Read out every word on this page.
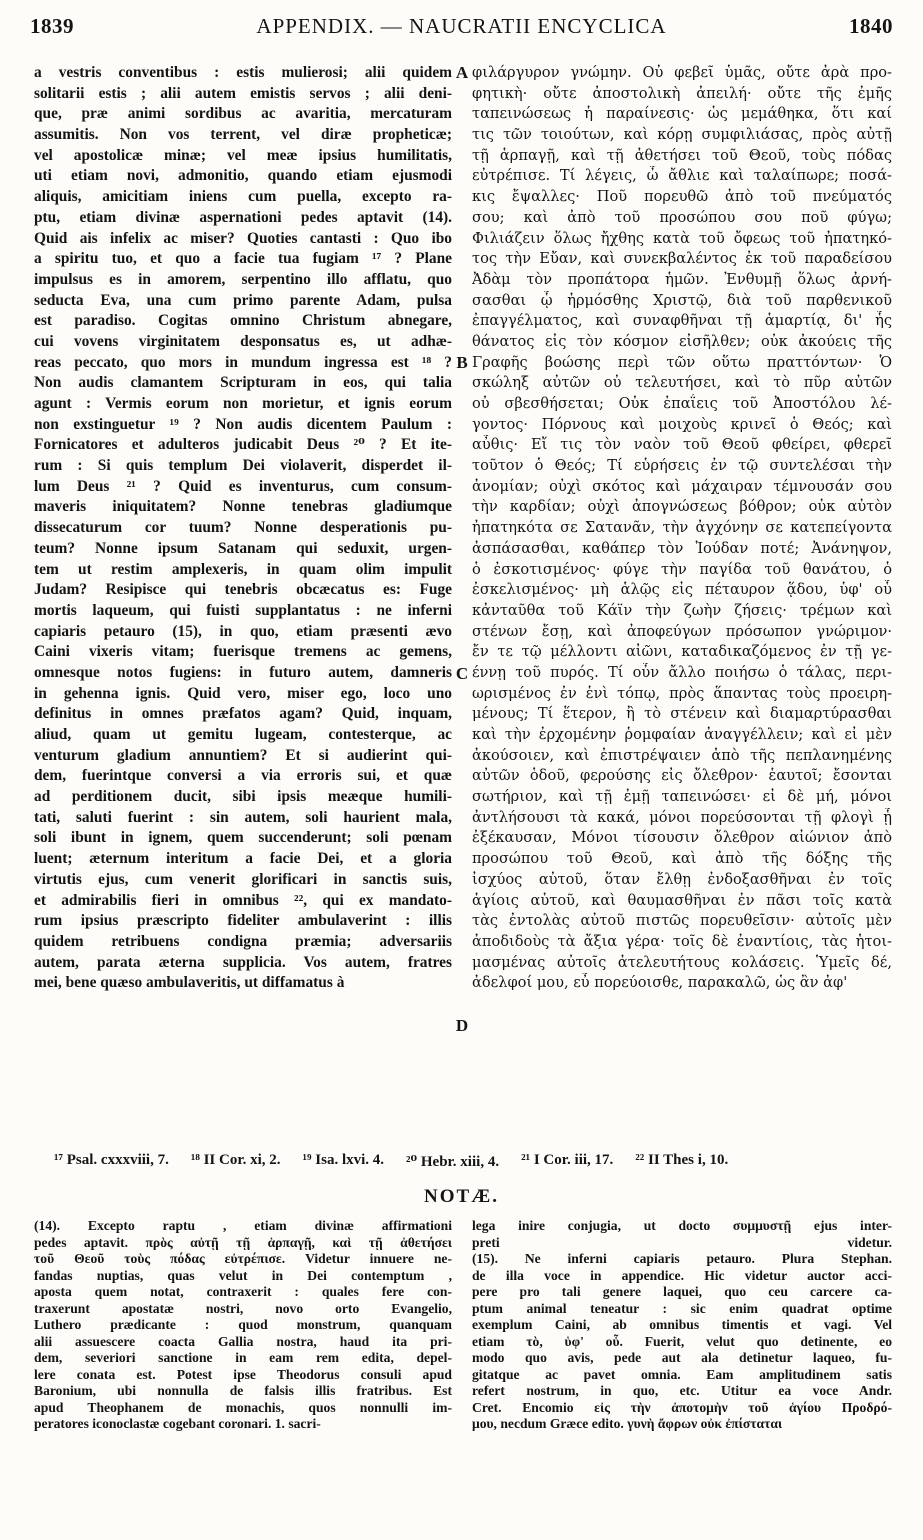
1839	APPENDIX. — NAUCRATII ENCYCLICA	1840
a vestris conventibus : estis mulierosi; alii quidem
solitarii estis ; alii autem emistis servos ; alii deni-
que, præ animi sordibus ac avaritia, mercaturam
assumitis. Non vos terrent, vel diræ propheticæ;
vel apostolicæ minæ; vel meæ ipsius humilitatis,
uti etiam novi, admonitio, quando etiam ejusmodi
aliquis, amicitiam iniens cum puella, excepto ra-
ptu, etiam divinæ aspernationi pedes aptavit (14).
Quid ais infelix ac miser? Quoties cantasti : Quo ibo
a spiritu tuo, et quo a facie tua fugiam ¹⁷ ? Plane
impulsus es in amorem, serpentino illo afflatu, quo
seducta Eva, una cum primo parente Adam, pulsa
est paradiso. Cogitas omnino Christum abnegare,
cui vovens virginitatem desponsatus es, ut adhæ-
reas peccato, quo mors in mundum ingressa est ¹⁸ ?
Non audis clamantem Scripturam in eos, qui talia
agunt : Vermis eorum non morietur, et ignis eorum
non exstinguetur ¹⁹ ? Non audis dicentem Paulum :
Fornicatores et adulteros judicabit Deus ²⁰ ? Et ite-
rum : Si quis templum Dei violaverit, disperdet il-
lum Deus ²¹ ? Quid es inventurus, cum consum-
maveris iniquitatem? Nonne tenebras gladiumque
dissecaturum cor tuum? Nonne desperationis pu-
teum? Nonne ipsum Satanam qui seduxit, urgen-
tem ut restim amplexeris, in quam olim impulit
Judam? Resipisce qui tenebris obcæcatus es: Fuge
mortis laqueum, qui fuisti supplantatus : ne inferni
capiaris petauro (15), in quo, etiam præsenti ævo
Caini vixeris vitam; fuerisque tremens ac gemens,
omnesque notos fugiens: in futuro autem, damneris
in gehenna ignis. Quid vero, miser ego, loco uno
definitus in omnes præfatos agam? Quid, inquam,
aliud, quam ut gemitu lugeam, contesterque, ac
venturum gladium annuntiem? Et si audierint qui-
dem, fuerintque conversi a via erroris sui, et quæ
ad perditionem ducit, sibi ipsis meæque humili-
tati, saluti fuerint : sin autem, soli haurient mala,
soli ibunt in ignem, quem succenderunt; soli pœnam
luent; æternum interitum a facie Dei, et a gloria
virtutis ejus, cum venerit glorificari in sanctis suis,
et admirabilis fieri in omnibus ²², qui ex mandato-
rum ipsius præscripto fideliter ambulaverint : illis
quidem retribuens condigna præmia; adversariis
autem, parata æterna supplicia. Vos autem, fratres
mei, bene quæso ambulaveritis, ut diffamatus à
φιλάργυρον γνώμην. Οὐ φεβεῖ ὑμᾶς, οὔτε ἀρὰ προ-
φητικὴ· οὔτε ἀποστολικὴ ἀπειλή· οὔτε τῆς ἐμῆς
ταπεινώσεως ἡ παραίνεσις· ὡς μεμάθηκα, ὅτι καί
τις τῶν τοιούτων, καὶ κόρῃ συμφιλιάσας, πρὸς αὐτῇ
τῇ ἁρπαγῇ, καὶ τῇ ἀθετήσει τοῦ Θεοῦ, τοὺς πόδας
εὐτρέπισε. Τί λέγεις, ὦ ἄθλιε καὶ ταλαίπωρε; ποσά-
κις ἔψαλλες· Ποῦ πορευθῶ ἀπὸ τοῦ πνεύματός
σου; καὶ ἀπὸ τοῦ προσώπου σου ποῦ φύγω;
Φιλιάζειν ὅλως ἤχθης κατὰ τοῦ ὄφεως τοῦ ἠπατηκό-
τος τὴν Εὔαν, καὶ συνεκβαλέντος ἐκ τοῦ παραδείσου
Ἀδὰμ τὸν προπάτορα ἡμῶν. Ἐνθυμῇ ὅλως ἀρνή-
σασθαι ᾧ ἡρμόσθης Χριστῷ, διὰ τοῦ παρθενικοῦ
ἐπαγγέλματος, καὶ συναφθῆναι τῇ ἁμαρτίᾳ, δι' ἧς
θάνατος εἰς τὸν κόσμον εἰσῆλθεν; οὐκ ἀκούεις τῆς
Γραφῆς βοώσης περὶ τῶν οὕτω πραττόντων· Ὁ
σκώληξ αὐτῶν οὐ τελευτήσει, καὶ τὸ πῦρ αὐτῶν
οὐ σβεσθήσεται; Οὐκ ἐπαΐεις τοῦ Ἀποστόλου λέ-
γοντος· Πόρνους καὶ μοιχοὺς κρινεῖ ὁ Θεός; καὶ
αὖθις· Εἴ τις τὸν ναὸν τοῦ Θεοῦ φθείρει, φθερεῖ
τοῦτον ὁ Θεός; Τί εὑρήσεις ἐν τῷ συντελέσαι τὴν
ἀνομίαν; οὐχὶ σκότος καὶ μάχαιραν τέμνουσάν σου
τὴν καρδίαν; οὐχὶ ἀπογνώσεως βόθρον; οὐκ αὐτὸν
ἠπατηκότα σε Σατανᾶν, τὴν ἀγχόνην σε κατεπείγοντα
ἀσπάσασθαι, καθάπερ τὸν Ἰούδαν ποτέ; Ἀνάνηψον,
ὁ ἐσκοτισμένος· φύγε τὴν παγίδα τοῦ θανάτου, ὁ
ἐσκελισμένος· μὴ ἁλῷς εἰς πέταυρον ᾅδου, ὑφ' οὗ
κἀνταῦθα τοῦ Κάϊν τὴν ζωὴν ζήσεις· τρέμων καὶ
στένων ἔσῃ, καὶ ἀποφεύγων πρόσωπον γνώριμον·
ἔν τε τῷ μέλλοντι αἰῶνι, καταδικαζόμενος ἐν τῇ γε-
έννῃ τοῦ πυρός. Τί οὖν ἄλλο ποιήσω ὁ τάλας, περι-
ωρισμένος ἐν ἑνὶ τόπῳ, πρὸς ἅπαντας τοὺς προειρη-
μένους; Τί ἕτερον, ἢ τὸ στένειν καὶ διαμαρτύρασθαι
καὶ τὴν ἐρχομένην ῥομφαίαν ἀναγγέλλειν; καὶ εἰ μὲν
ἀκούσοιεν, καὶ ἐπιστρέψαιεν ἀπὸ τῆς πεπλανημένης
αὐτῶν ὁδοῦ, φερούσης εἰς ὄλεθρον· ἑαυτοῖ; ἔσονται
σωτήριον, καὶ τῇ ἐμῇ ταπεινώσει· εἰ δὲ μή, μόνοι
ἀντλήσουσι τὰ κακά, μόνοι πορεύσονται τῇ φλογὶ ᾗ
ἐξέκαυσαν, Μόνοι τίσουσιν ὄλεθρον αἰώνιον ἀπὸ
προσώπου τοῦ Θεοῦ, καὶ ἀπὸ τῆς δόξης τῆς
ἰσχύος αὐτοῦ, ὅταν ἔλθῃ ἐνδοξασθῆναι ἐν τοῖς
ἁγίοις αὐτοῦ, καὶ θαυμασθῆναι ἐν πᾶσι τοῖς κατὰ
τὰς ἐντολὰς αὐτοῦ πιστῶς πορευθεῖσιν· αὐτοῖς μὲν
ἀποδιδοὺς τὰ ἄξια γέρα· τοῖς δὲ ἐναντίοις, τὰς ἡτοι-
μασμένας αὐτοῖς ἀτελευτήτους κολάσεις. Ὑμεῖς δέ,
ἀδελφοί μου, εὖ πορεύοισθε, παρακαλῶ, ὡς ἂν ἀφ'
A
B
C
D
¹⁷ Psal. cxxxviii, 7. ¹⁸ II Cor. xi, 2. ¹⁹ Isa. lxvi. 4. ²⁰ Hebr. xiii, 4. ²¹ I Cor. iii, 17. ²² II Thes i, 10.
NOTÆ.
(14). Excepto raptu , etiam divinæ affirmationi
pedes aptavit. πρὸς αὐτῇ τῇ ἁρπαγῇ, καὶ τῇ ἀθετήσει
τοῦ Θεοῦ τοὺς πόδας εὐτρέπισε. Videtur innuere ne-
fandas nuptias, quas velut in Dei contemptum ,
aposta quem notat, contraxerit : quales fere con-
traxerunt apostatæ nostri, novo orto Evangelio,
Luthero prædicante : quod monstrum, quanquam
alii assuescere coacta Gallia nostra, haud ita pri-
dem, severiori sanctione in eam rem edita, depel-
lere conata est. Potest ipse Theodorus consuli apud
Baronium, ubi nonnulla de falsis illis fratribus. Est
apud Theophanem de monachis, quos nonnulli im-
peratores iconoclastæ cogebant coronari. 1. sacri-
lega inire conjugia, ut docto συμμυστῇ ejus inter-
preti videtur.
(15). Ne inferni capiaris petauro. Plura Stephan.
de illa voce in appendice. Hic videtur auctor acci-
pere pro tali genere laquei, quo ceu carcere ca-
ptum animal teneatur : sic enim quadrat optime
exemplum Caini, ab omnibus timentis et vagi. Vel
etiam τὸ, ὑφ' οὗ. Fuerit, velut quo detinente, eo
modo quo avis, pede aut ala detinetur laqueo, fu-
gitatque ac pavet omnia. Eam amplitudinem satis
refert nostrum, in quo, etc. Utitur ea voce Andr.
Cret. Encomio εἰς τὴν ἀποτομὴν τοῦ ἁγίου Προδρό-
μου, necdum Græce edito. γυνὴ ἄφρων οὐκ ἐπίσταται
